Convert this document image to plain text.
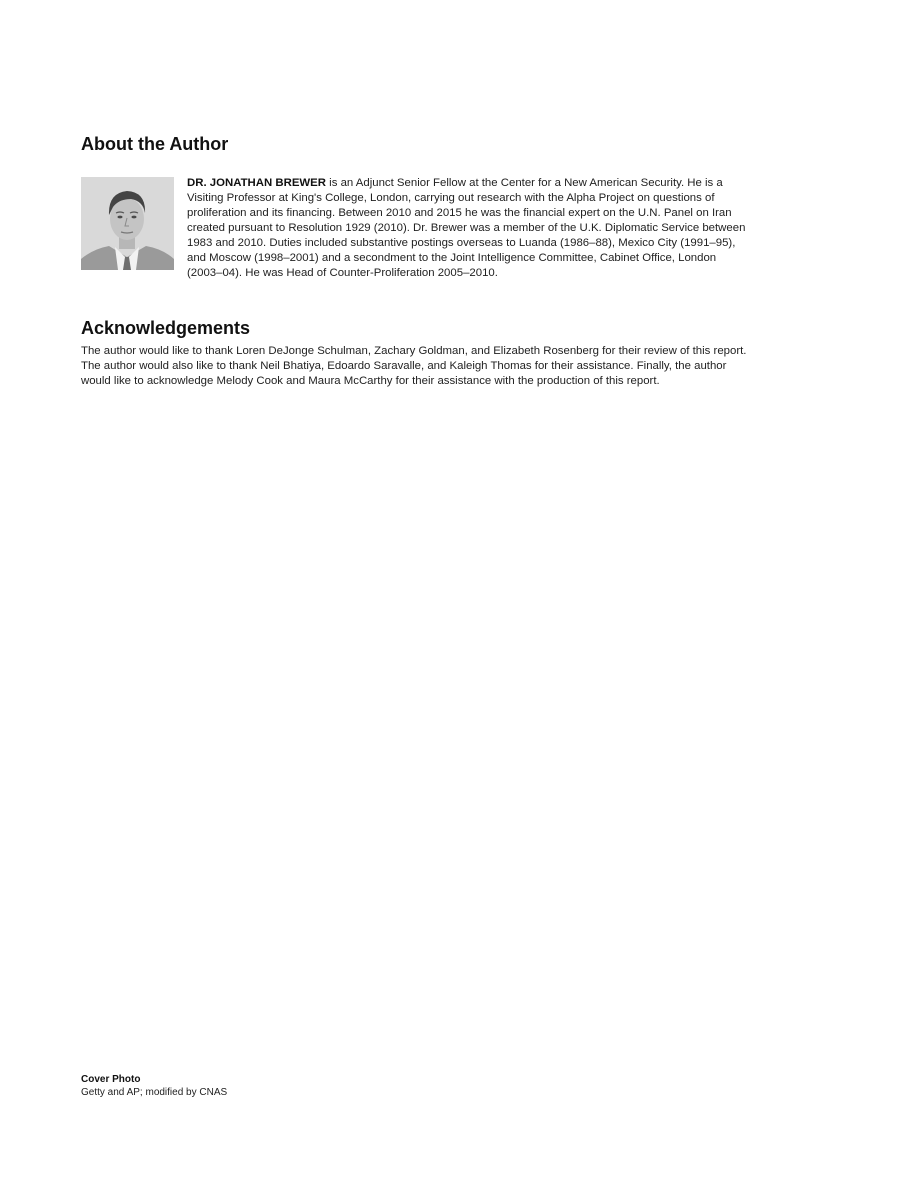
About the Author

DR. JONATHAN BREWER is an Adjunct Senior Fellow at the Center for a New American Security. He is a Visiting Professor at King's College, London, carrying out research with the Alpha Project on questions of proliferation and its financing. Between 2010 and 2015 he was the financial expert on the U.N. Panel on Iran created pursuant to Resolution 1929 (2010). Dr. Brewer was a member of the U.K. Diplomatic Service between 1983 and 2010. Duties included substantive postings overseas to Luanda (1986–88), Mexico City (1991–95), and Moscow (1998–2001) and a secondment to the Joint Intelligence Committee, Cabinet Office, London (2003–04). He was Head of Counter-Proliferation 2005–2010.

Acknowledgements

The author would like to thank Loren DeJonge Schulman, Zachary Goldman, and Elizabeth Rosenberg for their review of this report. The author would also like to thank Neil Bhatiya, Edoardo Saravalle, and Kaleigh Thomas for their assistance. Finally, the author would like to acknowledge Melody Cook and Maura McCarthy for their assistance with the production of this report.

Cover Photo
Getty and AP; modified by CNAS
